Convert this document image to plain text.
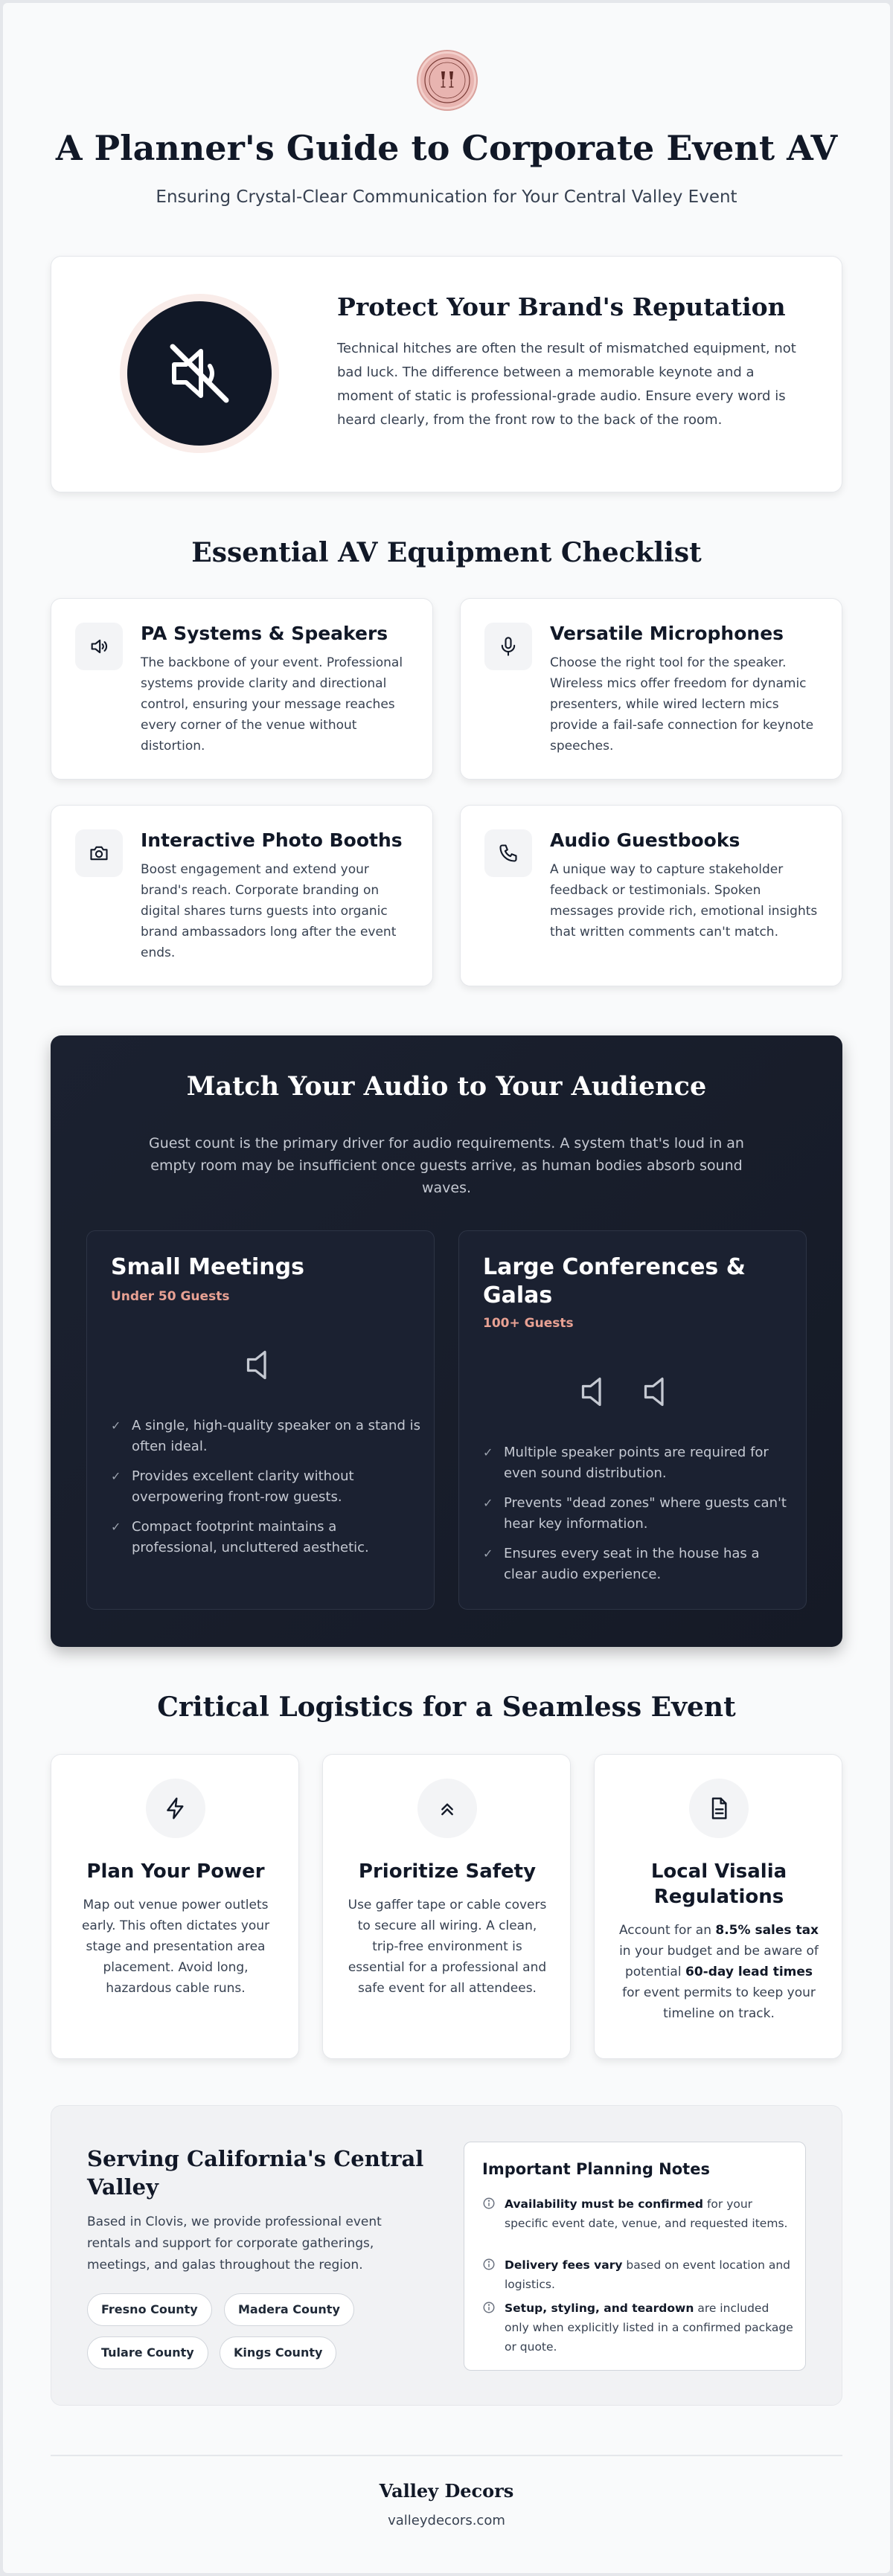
A Planner's Guide to Corporate Event AV
Ensuring Crystal-Clear Communication for Your Central Valley Event
Protect Your Brand's Reputation

Technical hitches are often the result of mismatched equipment, not bad luck. The difference between a memorable keynote and a moment of static is professional-grade audio. Ensure every word is heard clearly, from the front row to the back of the room.

Essential AV Equipment Checklist
PA Systems & Speakers

The backbone of your event. Professional systems provide clarity and directional control, ensuring your message reaches every corner of the venue without distortion.

Versatile Microphones

Choose the right tool for the speaker. Wireless mics offer freedom for dynamic presenters, while wired lectern mics provide a fail-safe connection for keynote speeches.

Interactive Photo Booths

Boost engagement and extend your brand's reach. Corporate branding on digital shares turns guests into organic brand ambassadors long after the event ends.

Audio Guestbooks

A unique way to capture stakeholder feedback or testimonials. Spoken messages provide rich, emotional insights that written comments can't match.

Match Your Audio to Your Audience

Guest count is the primary driver for audio requirements. A system that's loud in an empty room may be insufficient once guests arrive, as human bodies absorb sound waves.

Small Meetings
Under 50 Guests
✓ A single, high-quality speaker on a stand is often ideal.
✓ Provides excellent clarity without overpowering front-row guests.
✓ Compact footprint maintains a professional, uncluttered aesthetic.
Large Conferences & Galas
100+ Guests
✓ Multiple speaker points are required for even sound distribution.
✓ Prevents "dead zones" where guests can't hear key information.
✓ Ensures every seat in the house has a clear audio experience.
Critical Logistics for a Seamless Event
Plan Your Power

Map out venue power outlets early. This often dictates your stage and presentation area placement. Avoid long, hazardous cable runs.

Prioritize Safety

Use gaffer tape or cable covers to secure all wiring. A clean, trip-free environment is essential for a professional and safe event for all attendees.

Local Visalia Regulations

Account for an 8.5% sales tax in your budget and be aware of potential 60-day lead times for event permits to keep your timeline on track.

Serving California's Central Valley

Based in Clovis, we provide professional event rentals and support for corporate gatherings, meetings, and galas throughout the region.

Fresno County	Madera County
Tulare County	Kings County
Important Planning Notes
Availability must be confirmed for your specific event date, venue, and requested items.
Delivery fees vary based on event location and logistics.
Setup, styling, and teardown are included only when explicitly listed in a confirmed package or quote.
Valley Decors
valleydecors.com
